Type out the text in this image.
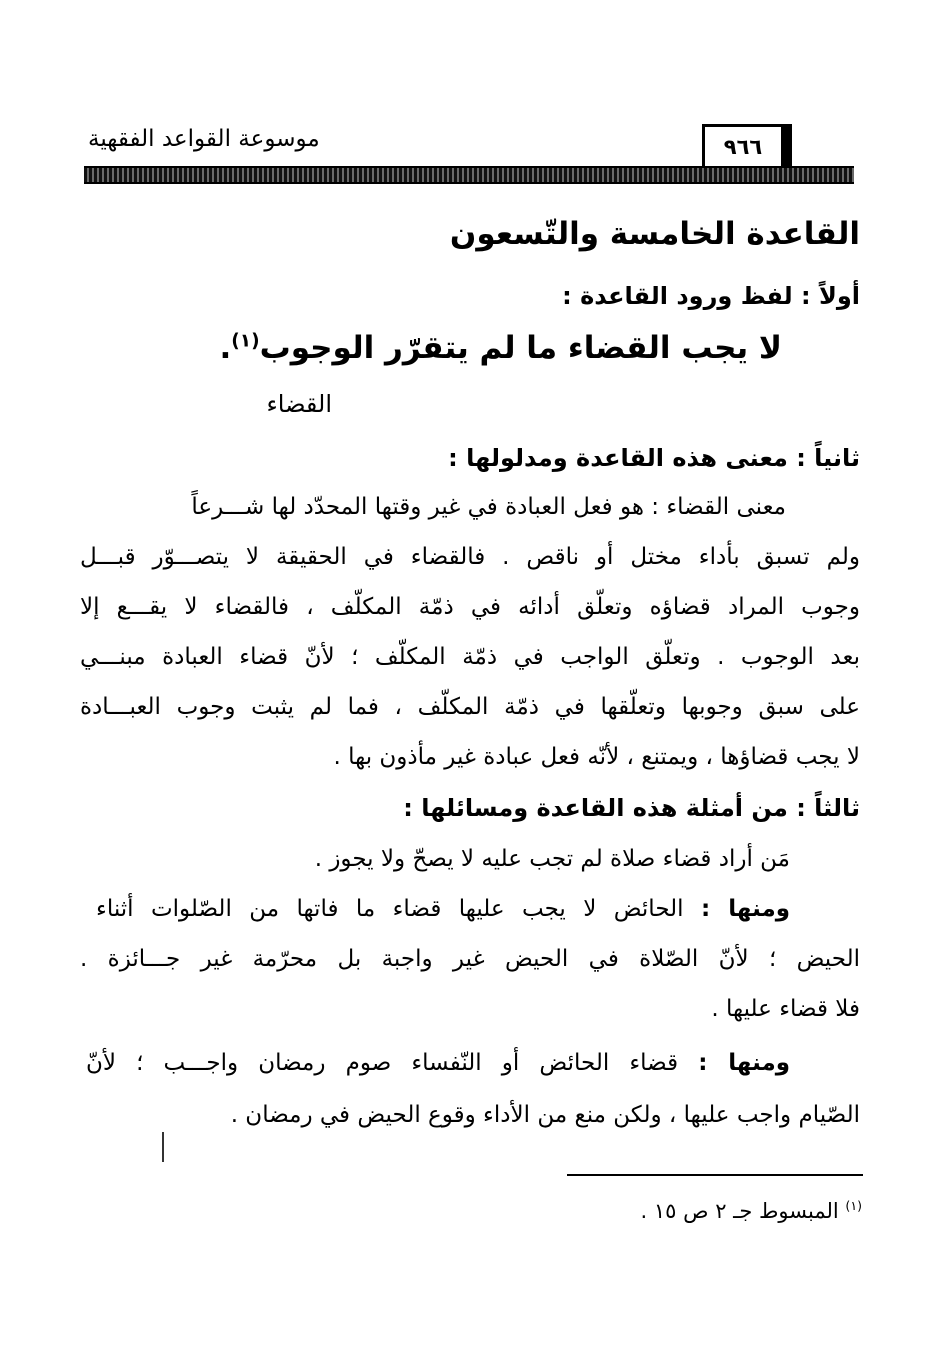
موسوعة القواعد الفقهية	٩٦٦
القاعدة الخامسة والتّسعون
أولاً : لفظ ورود القاعدة :
لا يجب القضاء ما لم يتقرّر الوجوب$^{(١)}$.
القضاء
ثانياً : معنى هذه القاعدة ومدلولها :
معنى القضاء : هو فعل العبادة في غير وقتها المحدّد لها شـــرعاً
ولم تسبق بأداء مختل أو ناقص . فالقضاء في الحقيقة لا يتصـــوّر قبـــل
وجوب المراد قضاؤه وتعلّق أدائه في ذمّة المكلّف ، فالقضاء لا يقـــع إلا
بعد الوجوب . وتعلّق الواجب في ذمّة المكلّف ؛ لأنّ قضاء العبادة مبنـــي
على سبق وجوبها وتعلّقها في ذمّة المكلّف ، فما لم يثبت وجوب العبـــادة
لا يجب قضاؤها ، ويمتنع ، لأنّه فعل عبادة غير مأذون بها .
ثالثاً : من أمثلة هذه القاعدة ومسائلها :
مَن أراد قضاء صلاة لم تجب عليه لا يصحّ ولا يجوز .
ومنها : الحائض لا يجب عليها قضاء ما فاتها من الصّلوات أثناء
الحيض ؛ لأنّ الصّلاة في الحيض غير واجبة بل محرّمة غير جـــائزة .
فلا قضاء عليها .
ومنها : قضاء الحائض أو النّفساء صوم رمضان واجـــب ؛ لأنّ
الصّيام واجب عليها ، ولكن منع من الأداء وقوع الحيض في رمضان .
$^{(١)}$ المبسوط جـ ٢ ص ١٥ .
